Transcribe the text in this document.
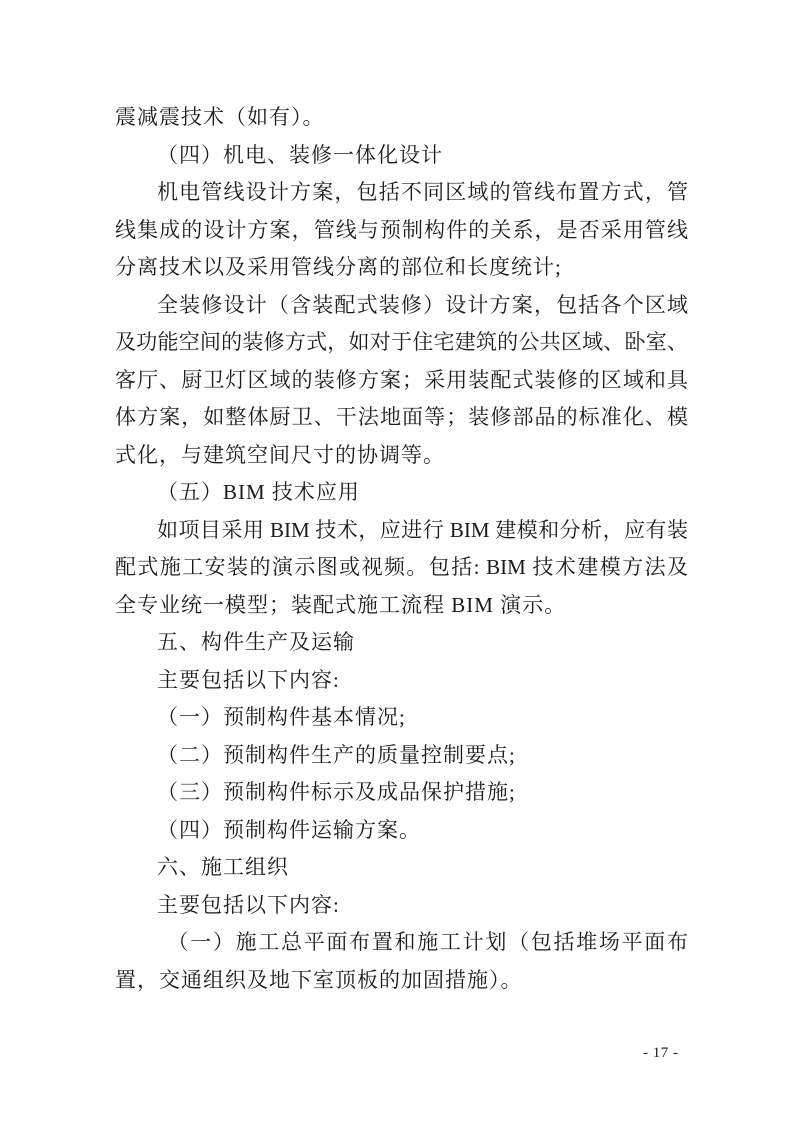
震减震技术（如有）。
（四）机电、装修一体化设计
机电管线设计方案，包括不同区域的管线布置方式，管
线集成的设计方案，管线与预制构件的关系，是否采用管线
分离技术以及采用管线分离的部位和长度统计;
全装修设计（含装配式装修）设计方案，包括各个区域
及功能空间的装修方式，如对于住宅建筑的公共区域、卧室、
客厅、厨卫灯区域的装修方案；采用装配式装修的区域和具
体方案，如整体厨卫、干法地面等；装修部品的标准化、模
式化，与建筑空间尺寸的协调等。
（五）BIM 技术应用
如项目采用 BIM 技术，应进行 BIM 建模和分析，应有装
配式施工安装的演示图或视频。包括: BIM 技术建模方法及
全专业统一模型；装配式施工流程 BIM 演示。
五、构件生产及运输
主要包括以下内容:
（一）预制构件基本情况;
（二）预制构件生产的质量控制要点;
（三）预制构件标示及成品保护措施;
（四）预制构件运输方案。
六、施工组织
主要包括以下内容:
（一）施工总平面布置和施工计划（包括堆场平面布
置，交通组织及地下室顶板的加固措施）。
- 17 -
